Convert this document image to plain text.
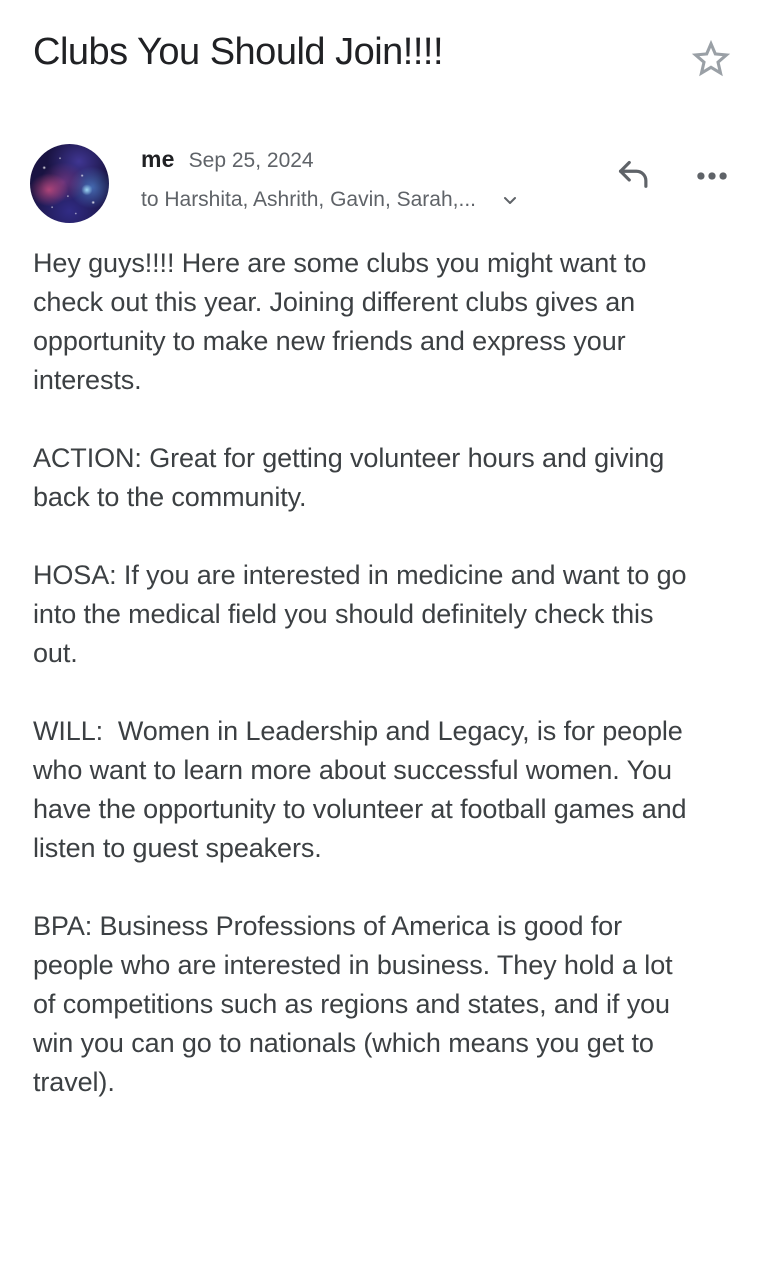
Clubs You Should Join!!!!
me Sep 25, 2024
to Harshita, Ashrith, Gavin, Sarah,...

Hey guys!!!! Here are some clubs you might want to check out this year. Joining different clubs gives an opportunity to make new friends and express your interests.

ACTION: Great for getting volunteer hours and giving back to the community.

HOSA: If you are interested in medicine and want to go into the medical field you should definitely check this out.

WILL:  Women in Leadership and Legacy, is for people who want to learn more about successful women. You have the opportunity to volunteer at football games and listen to guest speakers.

BPA: Business Professions of America is good for people who are interested in business. They hold a lot of competitions such as regions and states, and if you win you can go to nationals (which means you get to travel).
